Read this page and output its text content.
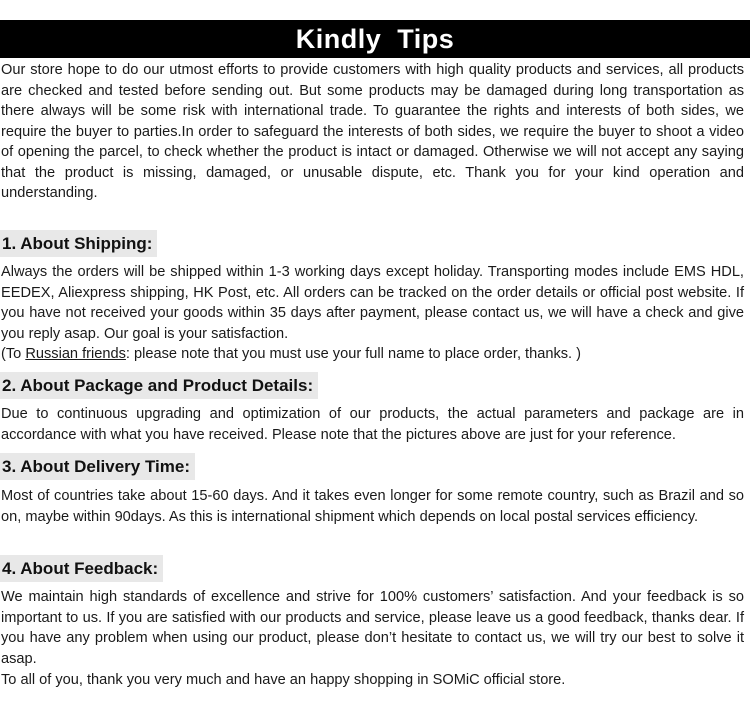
Kindly Tips

Our store hope to do our utmost efforts to provide customers with high quality products and services, all products are checked and tested before sending out. But some products may be damaged during long transportation as there always will be some risk with international trade. To guarantee the rights and interests of both sides, we require the buyer to parties.In order to safeguard the interests of both sides, we require the buyer to shoot a video of opening the parcel, to check whether the product is intact or damaged. Otherwise we will not accept any saying that the product is missing, damaged, or unusable dispute, etc. Thank you for your kind operation and understanding.

1. About Shipping:

Always the orders will be shipped within 1-3 working days except holiday. Transporting modes include EMS HDL, EEDEX, Aliexpress shipping, HK Post, etc. All orders can be tracked on the order details or official post website. If you have not received your goods within 35 days after payment, please contact us, we will have a check and give you reply asap. Our goal is your satisfaction.

(To Russian friends: please note that you must use your full name to place order, thanks. )
2. About Package and Product Details:

Due to continuous upgrading and optimization of our products, the actual parameters and package are in accordance with what you have received. Please note that the pictures above are just for your reference.

3. About Delivery Time:

Most of countries take about 15-60 days. And it takes even longer for some remote country, such as Brazil and so on, maybe within 90days. As this is international shipment which depends on local postal services efficiency.

4. About Feedback:

We maintain high standards of excellence and strive for 100% customers’ satisfaction. And your feedback is so important to us. If you are satisfied with our products and service, please leave us a good feedback, thanks dear. If you have any problem when using our product, please don’t hesitate to contact us, we will try our best to solve it asap.

To all of you, thank you very much and have an happy shopping in SOMiC official store.
